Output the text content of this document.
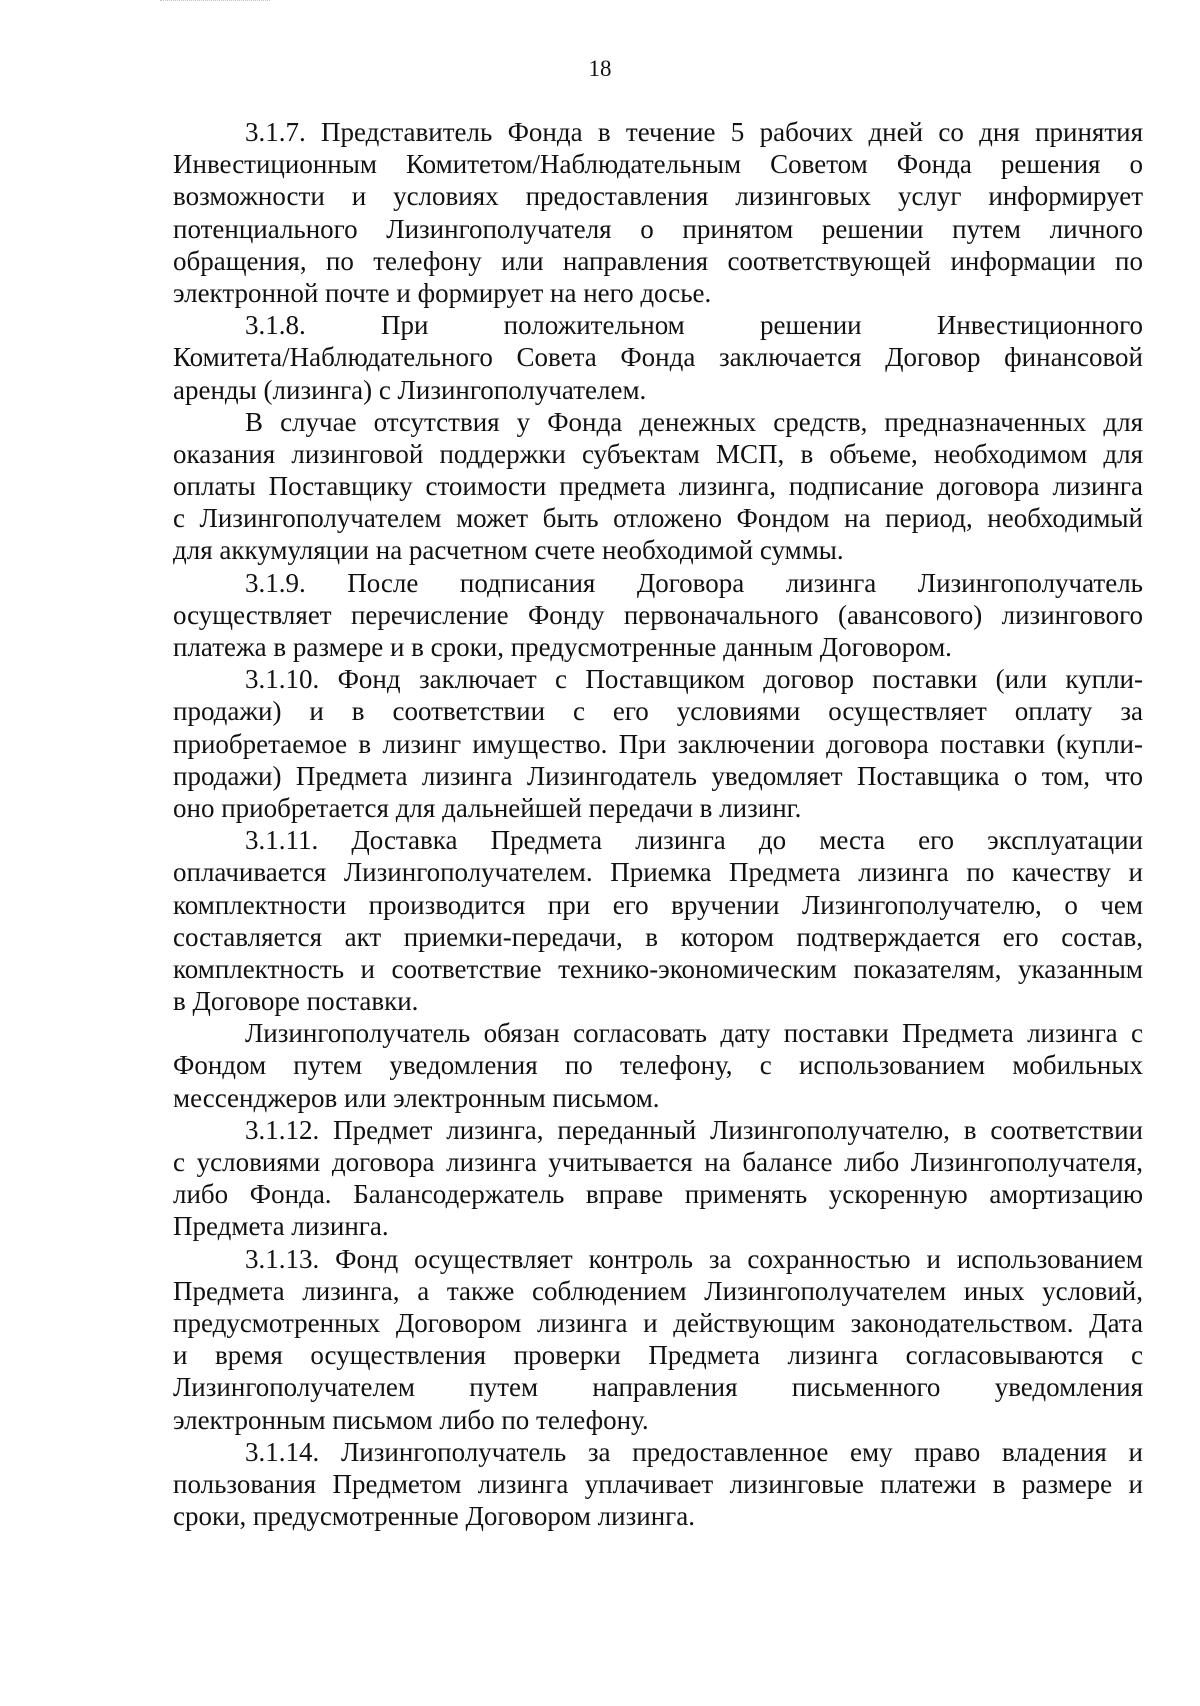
18
3.1.7. Представитель Фонда в течение 5 рабочих дней со дня принятия
Инвестиционным Комитетом/Наблюдательным Советом Фонда решения о
возможности и условиях предоставления лизинговых услуг информирует
потенциального Лизингополучателя о принятом решении путем личного
обращения, по телефону или направления соответствующей информации по
электронной почте и формирует на него досье.
3.1.8. При положительном решении Инвестиционного
Комитета/Наблюдательного Совета Фонда заключается Договор финансовой
аренды (лизинга) с Лизингополучателем.
В случае отсутствия у Фонда денежных средств, предназначенных для
оказания лизинговой поддержки субъектам МСП, в объеме, необходимом для
оплаты Поставщику стоимости предмета лизинга, подписание договора лизинга
с Лизингополучателем может быть отложено Фондом на период, необходимый
для аккумуляции на расчетном счете необходимой суммы.
3.1.9. После подписания Договора лизинга Лизингополучатель
осуществляет перечисление Фонду первоначального (авансового) лизингового
платежа в размере и в сроки, предусмотренные данным Договором.
3.1.10. Фонд заключает с Поставщиком договор поставки (или купли-
продажи) и в соответствии с его условиями осуществляет оплату за
приобретаемое в лизинг имущество. При заключении договора поставки (купли-
продажи) Предмета лизинга Лизингодатель уведомляет Поставщика о том, что
оно приобретается для дальнейшей передачи в лизинг.
3.1.11. Доставка Предмета лизинга до места его эксплуатации
оплачивается Лизингополучателем. Приемка Предмета лизинга по качеству и
комплектности производится при его вручении Лизингополучателю, о чем
составляется акт приемки-передачи, в котором подтверждается его состав,
комплектность и соответствие технико-экономическим показателям, указанным
в Договоре поставки.
Лизингополучатель обязан согласовать дату поставки Предмета лизинга с
Фондом путем уведомления по телефону, с использованием мобильных
мессенджеров или электронным письмом.
3.1.12. Предмет лизинга, переданный Лизингополучателю, в соответствии
с условиями договора лизинга учитывается на балансе либо Лизингополучателя,
либо Фонда. Балансодержатель вправе применять ускоренную амортизацию
Предмета лизинга.
3.1.13. Фонд осуществляет контроль за сохранностью и использованием
Предмета лизинга, а также соблюдением Лизингополучателем иных условий,
предусмотренных Договором лизинга и действующим законодательством. Дата
и время осуществления проверки Предмета лизинга согласовываются с
Лизингополучателем путем направления письменного уведомления
электронным письмом либо по телефону.
3.1.14. Лизингополучатель за предоставленное ему право владения и
пользования Предметом лизинга уплачивает лизинговые платежи в размере и
сроки, предусмотренные Договором лизинга.
